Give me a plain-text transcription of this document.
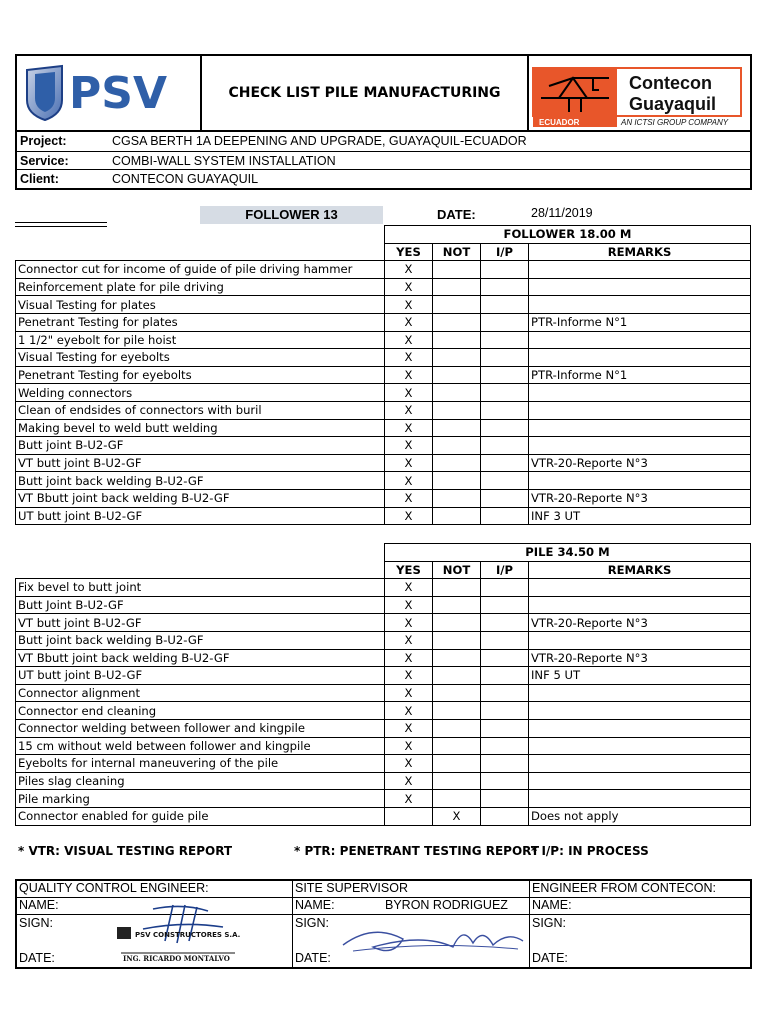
PSV	CHECK LIST PILE MANUFACTURING
ECUADOR
Contecon
Guayaquil
AN ICTSI GROUP COMPANY
Project:	CGSA BERTH 1A DEEPENING AND UPGRADE, GUAYAQUIL-ECUADOR
Service:	COMBI-WALL SYSTEM INSTALLATION
Client:	CONTECON GUAYAQUIL
FOLLOWER 13	DATE:	28/11/2019
	FOLLOWER 18.00 M			
	YES	NOT	I/P	REMARKS
Connector cut for income of guide of pile driving hammer	X			
Reinforcement plate for pile driving	X			
Visual Testing for plates	X			
Penetrant Testing for plates	X			PTR-Informe N°1
1 1/2" eyebolt for pile hoist	X			
Visual Testing for eyebolts	X			
Penetrant Testing for eyebolts	X			PTR-Informe N°1
Welding connectors	X			
Clean of endsides of connectors with buril	X			
Making bevel to weld butt welding	X			
Butt joint B-U2-GF	X			
VT butt joint B-U2-GF	X			VTR-20-Reporte N°3
Butt joint back welding B-U2-GF	X			
VT Bbutt joint back welding B-U2-GF	X			VTR-20-Reporte N°3
UT butt joint B-U2-GF	X			INF 3 UT
	PILE 34.50 M			
	YES	NOT	I/P	REMARKS
Fix bevel to butt joint	X			
Butt Joint B-U2-GF	X			
VT butt joint B-U2-GF	X			VTR-20-Reporte N°3
Butt joint back welding B-U2-GF	X			
VT Bbutt joint back welding B-U2-GF	X			VTR-20-Reporte N°3
UT butt joint B-U2-GF	X			INF 5 UT
Connector alignment	X			
Connector end cleaning	X			
Connector welding between follower and kingpile	X			
15 cm without weld between follower and kingpile	X			
Eyebolts for internal maneuvering of the pile	X			
Piles slag cleaning	X			
Pile marking	X			
Connector enabled for guide pile		X		Does not apply
* VTR: VISUAL TESTING REPORT	* PTR: PENETRANT TESTING REPORT
* I/P: IN PROCESS
QUALITY CONTROL ENGINEER:
NAME:
SIGN:
DATE:
PSV CONSTRUCTORES S.A.
ING. RICARDO MONTALVO
SITE SUPERVISOR
NAME:	BYRON RODRIGUEZ
SIGN:
DATE:
ENGINEER FROM CONTECON:
NAME:
SIGN:
DATE:
